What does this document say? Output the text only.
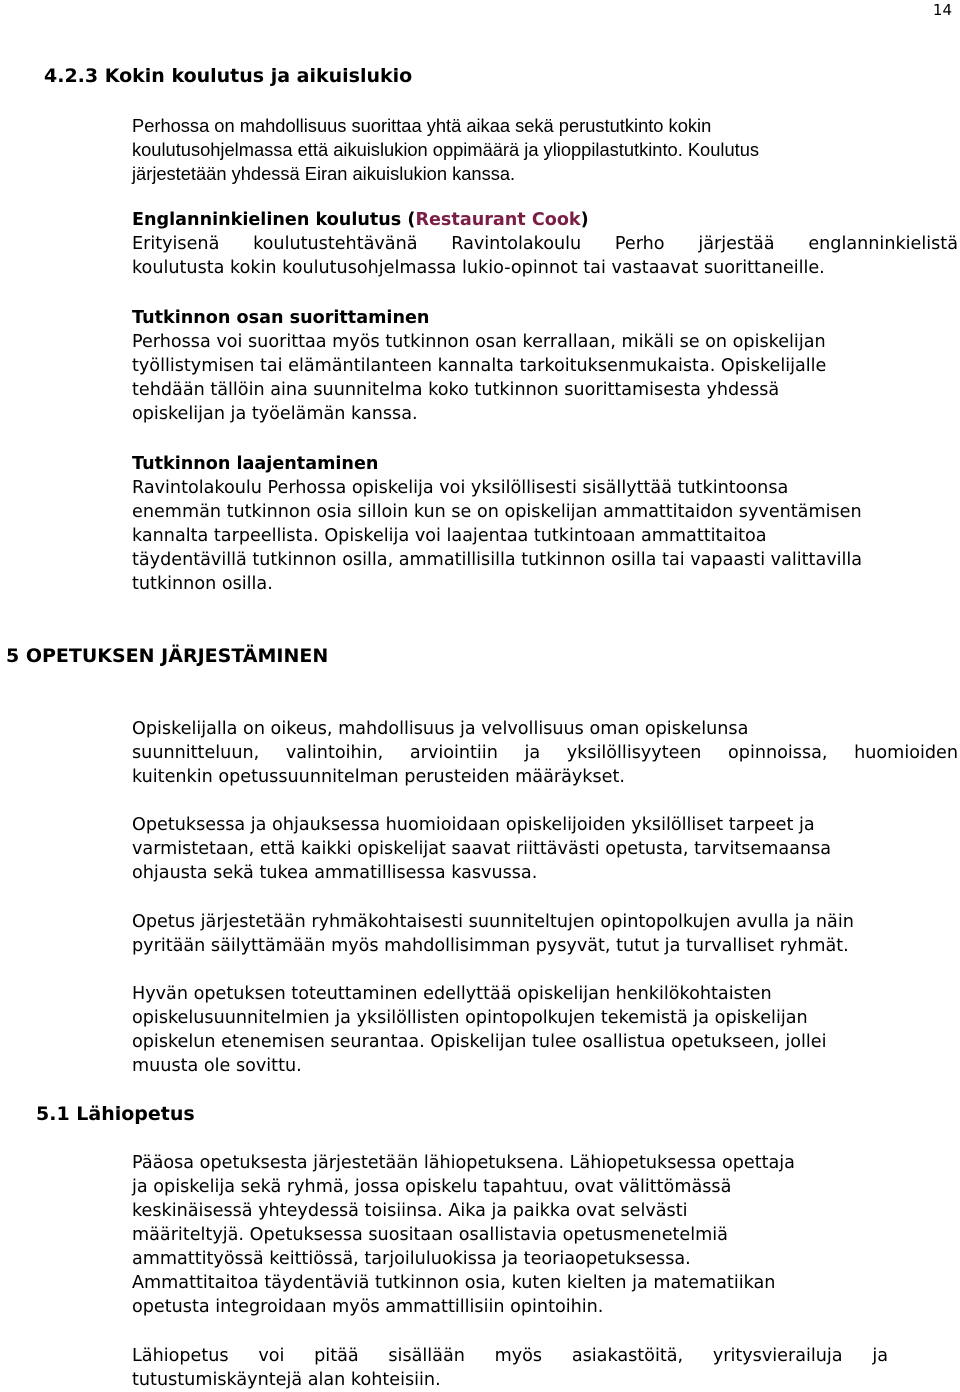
14
4.2.3 Kokin koulutus ja aikuislukio
Perhossa on mahdollisuus suorittaa yhtä aikaa sekä perustutkinto kokin
koulutusohjelmassa että aikuislukion oppimäärä ja ylioppilastutkinto. Koulutus
järjestetään yhdessä Eiran aikuislukion kanssa.
Englanninkielinen koulutus (Restaurant Cook)
Erityisenä koulutustehtävänä Ravintolakoulu Perho järjestää englanninkielistä
koulutusta kokin koulutusohjelmassa lukio-opinnot tai vastaavat suorittaneille.
Tutkinnon osan suorittaminen
Perhossa voi suorittaa myös tutkinnon osan kerrallaan, mikäli se on opiskelijan
työllistymisen tai elämäntilanteen kannalta tarkoituksenmukaista. Opiskelijalle
tehdään tällöin aina suunnitelma koko tutkinnon suorittamisesta yhdessä
opiskelijan ja työelämän kanssa.
Tutkinnon laajentaminen
Ravintolakoulu Perhossa opiskelija voi yksilöllisesti sisällyttää tutkintoonsa
enemmän tutkinnon osia silloin kun se on opiskelijan ammattitaidon syventämisen
kannalta tarpeellista. Opiskelija voi laajentaa tutkintoaan ammattitaitoa
täydentävillä tutkinnon osilla, ammatillisilla tutkinnon osilla tai vapaasti valittavilla
tutkinnon osilla.
5 OPETUKSEN JÄRJESTÄMINEN
Opiskelijalla on oikeus, mahdollisuus ja velvollisuus oman opiskelunsa
suunnitteluun, valintoihin, arviointiin ja yksilöllisyyteen opinnoissa, huomioiden
kuitenkin opetussuunnitelman perusteiden määräykset.
Opetuksessa ja ohjauksessa huomioidaan opiskelijoiden yksilölliset tarpeet ja
varmistetaan, että kaikki opiskelijat saavat riittävästi opetusta, tarvitsemaansa
ohjausta sekä tukea ammatillisessa kasvussa.
Opetus järjestetään ryhmäkohtaisesti suunniteltujen opintopolkujen avulla ja näin
pyritään säilyttämään myös mahdollisimman pysyvät, tutut ja turvalliset ryhmät.
Hyvän opetuksen toteuttaminen edellyttää opiskelijan henkilökohtaisten
opiskelusuunnitelmien ja yksilöllisten opintopolkujen tekemistä ja opiskelijan
opiskelun etenemisen seurantaa. Opiskelijan tulee osallistua opetukseen, jollei
muusta ole sovittu.
5.1 Lähiopetus
Pääosa opetuksesta järjestetään lähiopetuksena. Lähiopetuksessa opettaja
ja opiskelija sekä ryhmä, jossa opiskelu tapahtuu, ovat välittömässä
keskinäisessä yhteydessä toisiinsa. Aika ja paikka ovat selvästi
määriteltyjä. Opetuksessa suositaan osallistavia opetusmenetelmiä
ammattityössä keittiössä, tarjoiluluokissa ja teoriaopetuksessa.
Ammattitaitoa täydentäviä tutkinnon osia, kuten kielten ja matematiikan
opetusta integroidaan myös ammattillisiin opintoihin.
Lähiopetus voi pitää sisällään myös asiakastöitä, yritysvierailuja ja
tutustumiskäyntejä alan kohteisiin.
